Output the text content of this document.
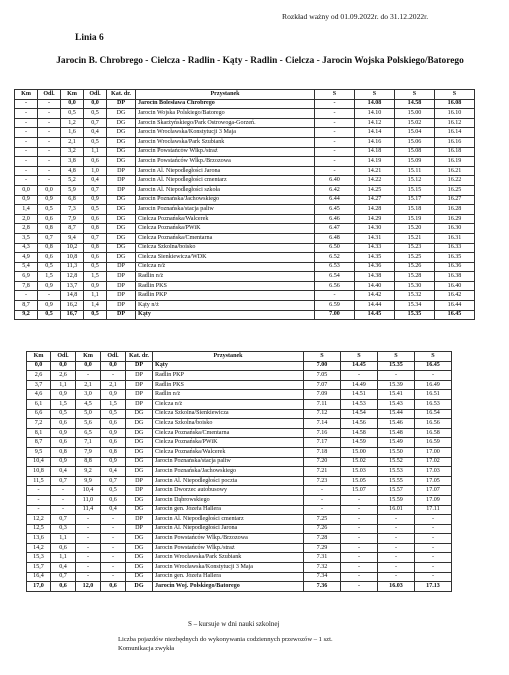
Rozkład ważny od 01.09.2022r. do 31.12.2022r.
Linia 6
Jarocin B. Chrobrego - Cielcza - Radlin - Kąty - Radlin - Cielcza - Jarocin Wojska Polskiego/Batorego
Km	Odl.	Km	Odl.	Kat. dr.	Przystanek	S	S	S	S
-	-	0,0	0,0	DP	Jarocin Bolesława Chrobrego	-	14.08	14.58	16.08
-	-	0,5	0,5	DG	Jarocin Wojska Polskiego/Batorego	-	14.10	15.00	16.10
-	-	1,2	0,7	DG	Jarocin Skarżyńskiego/Park Ostrowoga-Gorzeń.	-	14.12	15.02	16.12
-	-	1,6	0,4	DG	Jarocin Wrocławska/Konstytucji 3 Maja	-	14.14	15.04	16.14
-	-	2,1	0,5	DG	Jarocin Wrocławska/Park Szubiank	-	14.16	15.06	16.16
-	-	3,2	1,1	DG	Jarocin Powstańców Wlkp./straż	-	14.18	15.08	16.18
-	-	3,8	0,6	DG	Jarocin Powstańców Wlkp./Brzozowa	-	14.19	15.09	16.19
-	-	4,8	1,0	DP	Jarocin Al. Niepodległości Jarona	-	14.21	15.11	16.21
-	-	5,2	0,4	DP	Jarocin Al. Niepodległości cmentarz	6.40	14.22	15.12	16.22
0,0	0,0	5,9	0,7	DP	Jarocin Al. Niepodległości szkoła	6.42	14.25	15.15	16.25
0,9	0,9	6,8	0,9	DG	Jarocin Poznańska/Jachowskiego	6.44	14.27	15.17	16.27
1,4	0,5	7,3	0,5	DG	Jarocin Poznańska/stacja paliw	6.45	14.28	15.18	16.28
2,0	0,6	7,9	0,6	DG	Cielcza Poznańska/Walcerek	6.46	14.29	15.19	16.29
2,8	0,8	8,7	0,8	DG	Cielcza Poznańska/PWiK	6.47	14.30	15.20	16.30
3,5	0,7	9,4	0,7	DG	Cielcza Poznańska/Cmentarna	6.48	14.31	15.21	16.31
4,3	0,8	10,2	0,8	DG	Cielcza Szkolna/boisko	6.50	14.33	15.23	16.33
4,9	0,6	10,8	0,6	DG	Cielcza Sienkiewicza/WDK	6.52	14.35	15.25	16.35
5,4	0,5	11,3	0,5	DP	Cielcza n/ż	6.53	14.36	15.26	16.36
6,9	1,5	12,8	1,5	DP	Radlin n/ż	6.54	14.38	15.28	16.38
7,8	0,9	13,7	0,9	DP	Radlin PKS	6.56	14.40	15.30	16.40
-	-	14,8	1,1	DP	Radlin PKP	-	14.42	15.32	16.42
8,7	0,9	16,2	1,4	DP	Kąty n/ż	6.59	14.44	15.34	16.44
9,2	0,5	16,7	0,5	DP	Kąty	7.00	14.45	15.35	16.45
Km	Odl.	Km	Odl.	Kat. dr.	Przystanek	S	S	S	S
0,0	0,0	0,0	0,0	DP	Kąty	7.00	14.45	15.35	16.45
2,6	2,6	-	-	DP	Radlin PKP	7.05	-	-	-
3,7	1,1	2,1	2,1	DP	Radlin PKS	7.07	14.49	15.39	16.49
4,6	0,9	3,0	0,9	DP	Radlin n/ż	7.09	14.51	15.41	16.51
6,1	1,5	4,5	1,5	DP	Cielcza n/ż	7.11	14.53	15.43	16.53
6,6	0,5	5,0	0,5	DG	Cielcza Szkolna/Sienkiewicza	7.12	14.54	15.44	16.54
7,2	0,6	5,6	0,6	DG	Cielcza Szkolna/boisko	7.14	14.56	15.46	16.56
8,1	0,9	6,5	0,9	DG	Cielcza Poznańska/Cmentarna	7.16	14.58	15.48	16.58
8,7	0,6	7,1	0,6	DG	Cielcza Poznańska/PWiK	7.17	14.59	15.49	16.59
9,5	0,8	7,9	0,8	DG	Cielcza Poznańska/Walcerek	7.18	15.00	15.50	17.00
10,4	0,9	8,8	0,9	DG	Jarocin Poznańska/stacja paliw	7.20	15.02	15.52	17.02
10,8	0,4	9,2	0,4	DG	Jarocin Poznańska/Jachowskiego	7.21	15.03	15.53	17.03
11,5	0,7	9,9	0,7	DP	Jarocin Al. Niepodległości poczta	7.23	15.05	15.55	17.05
-	-	10,4	0,5	DP	Jarocin Dworzec autobusowy	-	15.07	15.57	17.07
-	-	11,0	0,6	DG	Jarocin Dąbrowskiego	-	-	15.59	17.09
-	-	11,4	0,4	DG	Jarocin gen. Józefa Hallera	-	-	16.01	17.11
12,2	0,7	-	-	DP	Jarocin Al. Niepodległości cmentarz	7.25	-	-	-
12,5	0,3	-	-	DP	Jarocin Al. Niepodległości Jarona	7.26	-	-	-
13,6	1,1	-	-	DG	Jarocin Powstańców Wlkp./Brzozowa	7.28	-	-	-
14,2	0,6	-	-	DG	Jarocin Powstańców Wlkp./straż	7.29	-	-	-
15,3	1,1	-	-	DG	Jarocin Wrocławska/Park Szubiank	7.31	-	-	-
15,7	0,4	-	-	DG	Jarocin Wrocławska/Konstytucji 3 Maja	7.32	-	-	-
16,4	0,7	-	-	DG	Jarocin gen. Józefa Hallera	7.34	-	-	-
17,0	0,6	12,0	0,6	DG	Jarocin Woj. Polskiego/Batorego	7.36	-	16.03	17.13
S – kursuje w dni nauki szkolnej
Liczba pojazdów niezbędnych do wykonywania codziennych przewozów – 1 szt.
Komunikacja zwykła
